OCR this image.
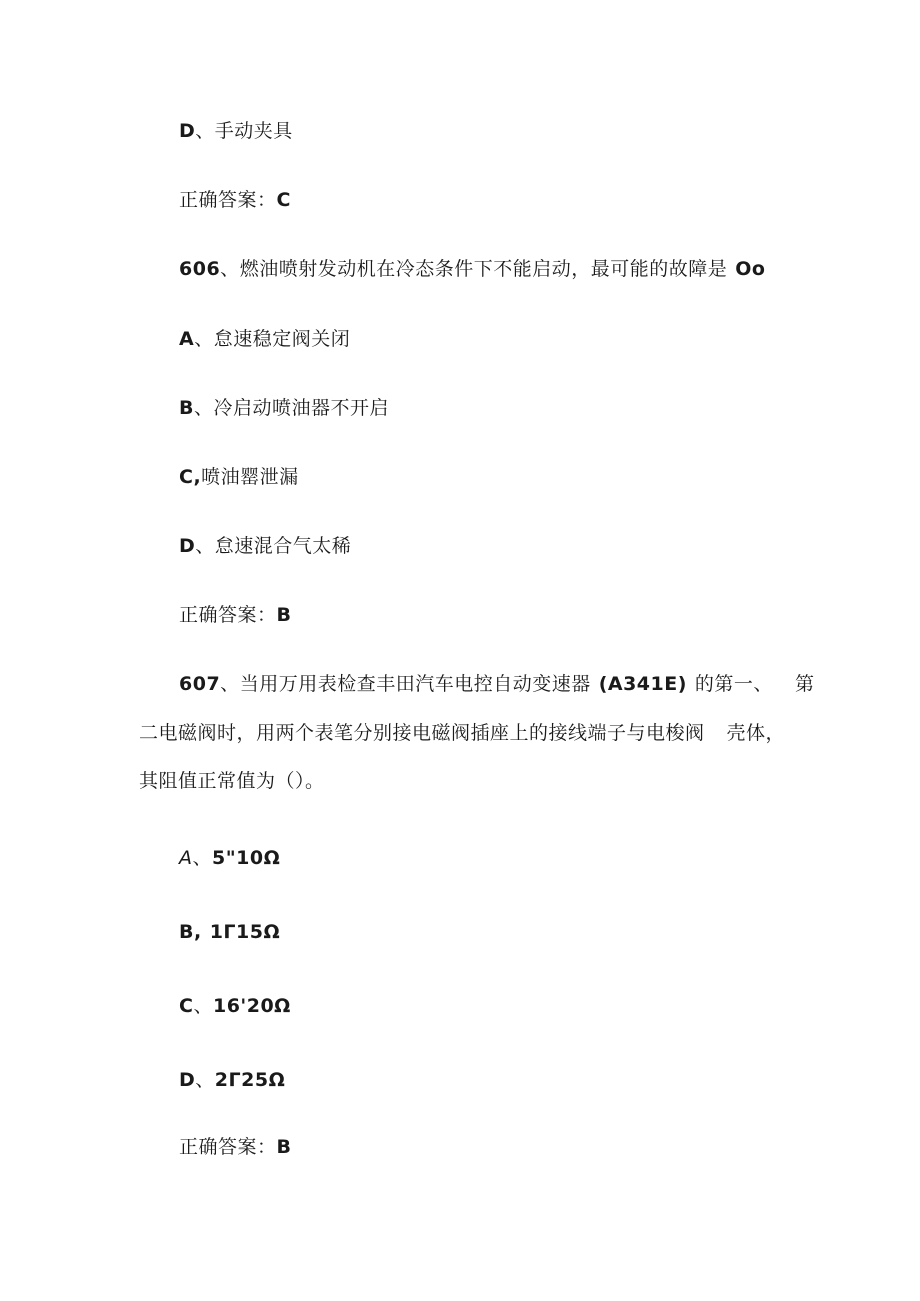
D、手动夹具
正确答案：C
606、燃油喷射发动机在冷态条件下不能启动，最可能的故障是 Oo
A、怠速稳定阀关闭
B、冷启动喷油器不开启
C,喷油罂泄漏
D、怠速混合气太稀
正确答案：B
607、当用万用表检查丰田汽车电控自动变速器 (A341E) 的第一、 第
二电磁阀时，用两个表笔分别接电磁阀插座上的接线端子与电梭阀 壳体，
其阻值正常值为（）。
A、5"10Ω
B, 1Γ15Ω
C、16'20Ω
D、2Γ25Ω
正确答案：B
